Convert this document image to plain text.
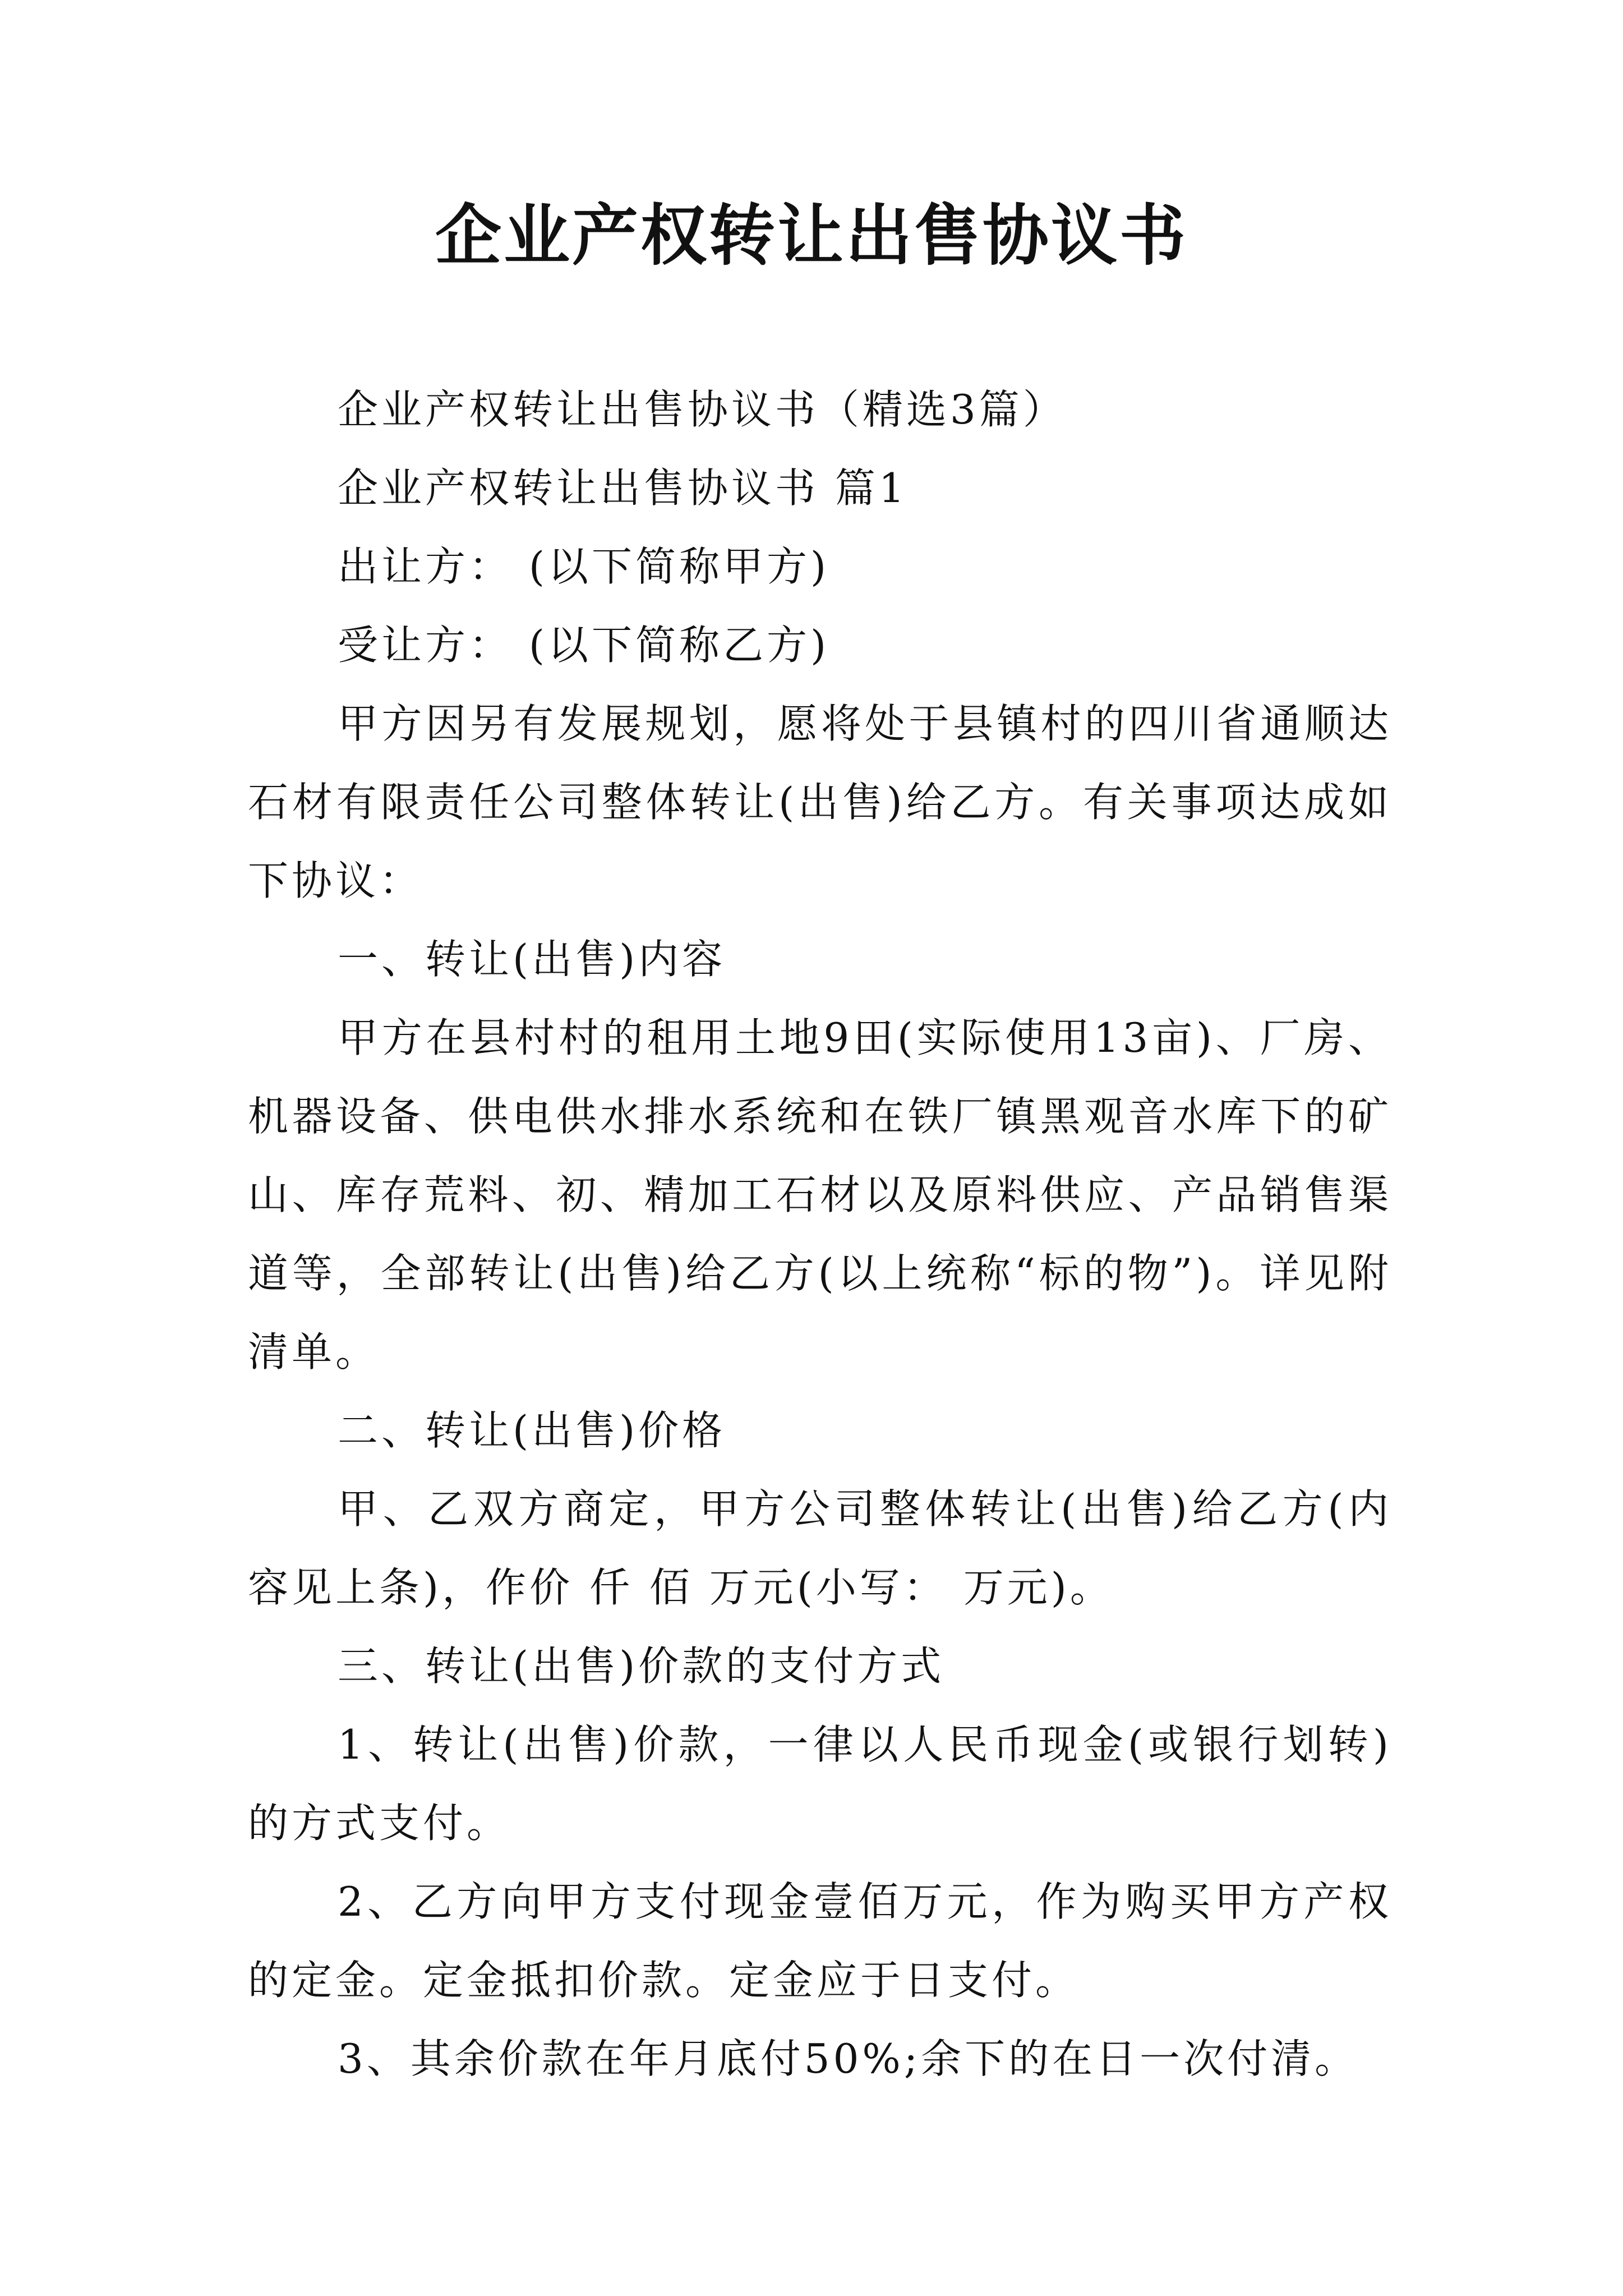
企业产权转让出售协议书

企业产权转让出售协议书（精选3篇）

企业产权转让出售协议书 篇1

出让方： (以下简称甲方)

受让方： (以下简称乙方)

甲方因另有发展规划，愿将处于县镇村的四川省通顺达石材有限责任公司整体转让(出售)给乙方。有关事项达成如下协议：

一、转让(出售)内容

甲方在县村村的租用土地9田(实际使用13亩)、厂房、机器设备、供电供水排水系统和在铁厂镇黑观音水库下的矿山、库存荒料、初、精加工石材以及原料供应、产品销售渠道等，全部转让(出售)给乙方(以上统称“标的物”)。详见附清单。

二、转让(出售)价格

甲、乙双方商定，甲方公司整体转让(出售)给乙方(内容见上条)，作价 仟 佰 万元(小写： 万元)。

三、转让(出售)价款的支付方式

1、转让(出售)价款，一律以人民币现金(或银行划转)的方式支付。

2、乙方向甲方支付现金壹佰万元，作为购买甲方产权的定金。定金抵扣价款。定金应于日支付。

3、其余价款在年月底付50%;余下的在日一次付清。
